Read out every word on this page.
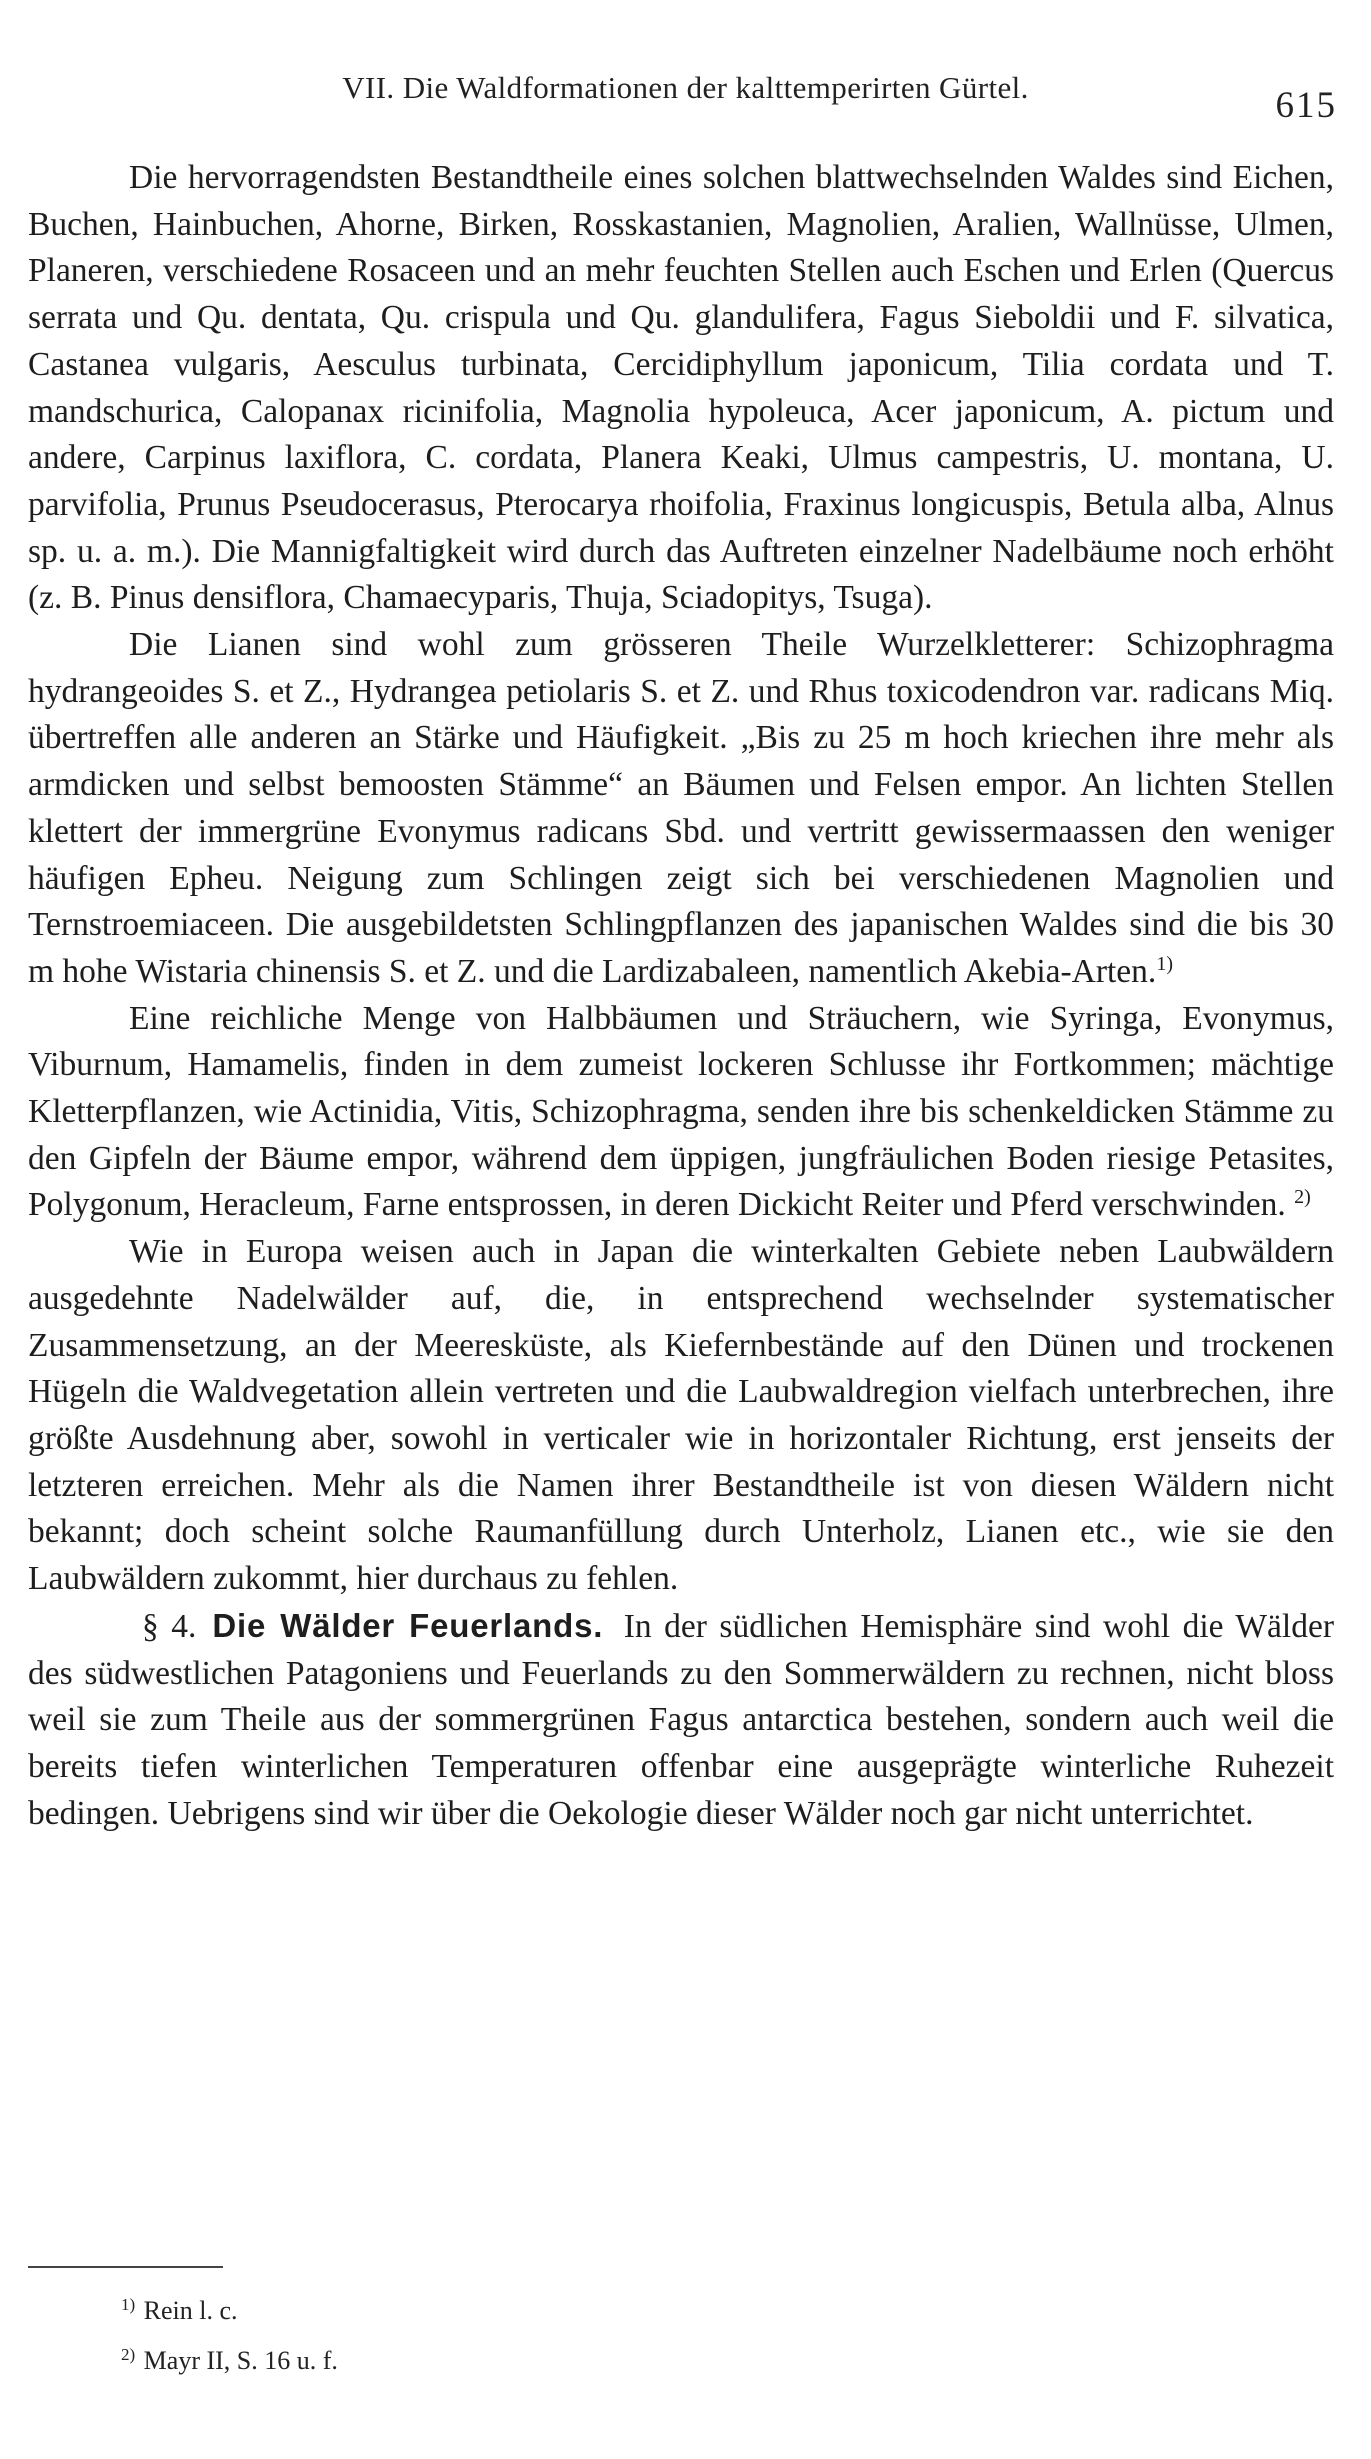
VII. Die Waldformationen der kalttemperirten Gürtel.	615

Die hervorragendsten Bestandtheile eines solchen blattwechselnden Waldes sind Eichen, Buchen, Hainbuchen, Ahorne, Birken, Rosskastanien, Magnolien, Aralien, Wallnüsse, Ulmen, Planeren, verschiedene Rosaceen und an mehr feuchten Stellen auch Eschen und Erlen (Quercus serrata und Qu. dentata, Qu. crispula und Qu. glandulifera, Fagus Sieboldii und F. silvatica, Castanea vulgaris, Aesculus turbinata, Cercidiphyllum japonicum, Tilia cordata und T. mandschurica, Calopanax ricinifolia, Magnolia hypoleuca, Acer japonicum, A. pictum und andere, Carpinus laxiflora, C. cordata, Planera Keaki, Ulmus campestris, U. montana, U. parvifolia, Prunus Pseudocerasus, Pterocarya rhoifolia, Fraxinus longicuspis, Betula alba, Alnus sp. u. a. m.). Die Mannigfaltigkeit wird durch das Auftreten einzelner Nadelbäume noch erhöht (z. B. Pinus densiflora, Chamaecyparis, Thuja, Sciadopitys, Tsuga).

Die Lianen sind wohl zum grösseren Theile Wurzelkletterer: Schizophragma hydrangeoides S. et Z., Hydrangea petiolaris S. et Z. und Rhus toxicodendron var. radicans Miq. übertreffen alle anderen an Stärke und Häufigkeit. „Bis zu 25 m hoch kriechen ihre mehr als armdicken und selbst bemoosten Stämme“ an Bäumen und Felsen empor. An lichten Stellen klettert der immergrüne Evonymus radicans Sbd. und vertritt gewissermaassen den weniger häufigen Epheu. Neigung zum Schlingen zeigt sich bei verschiedenen Magnolien und Ternstroemiaceen. Die ausgebildetsten Schlingpflanzen des japanischen Waldes sind die bis 30 m hohe Wistaria chinensis S. et Z. und die Lardizabaleen, namentlich Akebia-Arten.$^{1)}$

Eine reichliche Menge von Halbbäumen und Sträuchern, wie Syringa, Evonymus, Viburnum, Hamamelis, finden in dem zumeist lockeren Schlusse ihr Fortkommen; mächtige Kletterpflanzen, wie Actinidia, Vitis, Schizophragma, senden ihre bis schenkeldicken Stämme zu den Gipfeln der Bäume empor, während dem üppigen, jungfräulichen Boden riesige Petasites, Polygonum, Heracleum, Farne entsprossen, in deren Dickicht Reiter und Pferd verschwinden. $^{2)}$

Wie in Europa weisen auch in Japan die winterkalten Gebiete neben Laubwäldern ausgedehnte Nadelwälder auf, die, in entsprechend wechselnder systematischer Zusammensetzung, an der Meeresküste, als Kiefernbestände auf den Dünen und trockenen Hügeln die Waldvegetation allein vertreten und die Laubwaldregion vielfach unterbrechen, ihre größte Ausdehnung aber, sowohl in verticaler wie in horizontaler Richtung, erst jenseits der letzteren erreichen. Mehr als die Namen ihrer Bestandtheile ist von diesen Wäldern nicht bekannt; doch scheint solche Raumanfüllung durch Unterholz, Lianen etc., wie sie den Laubwäldern zukommt, hier durchaus zu fehlen.

§ 4. Die Wälder Feuerlands. In der südlichen Hemisphäre sind wohl die Wälder des südwestlichen Patagoniens und Feuerlands zu den Sommerwäldern zu rechnen, nicht bloss weil sie zum Theile aus der sommergrünen Fagus antarctica bestehen, sondern auch weil die bereits tiefen winterlichen Temperaturen offenbar eine ausgeprägte winterliche Ruhezeit bedingen. Uebrigens sind wir über die Oekologie dieser Wälder noch gar nicht unterrichtet.

$^{1)}$ Rein l. c.
$^{2)}$ Mayr II, S. 16 u. f.
